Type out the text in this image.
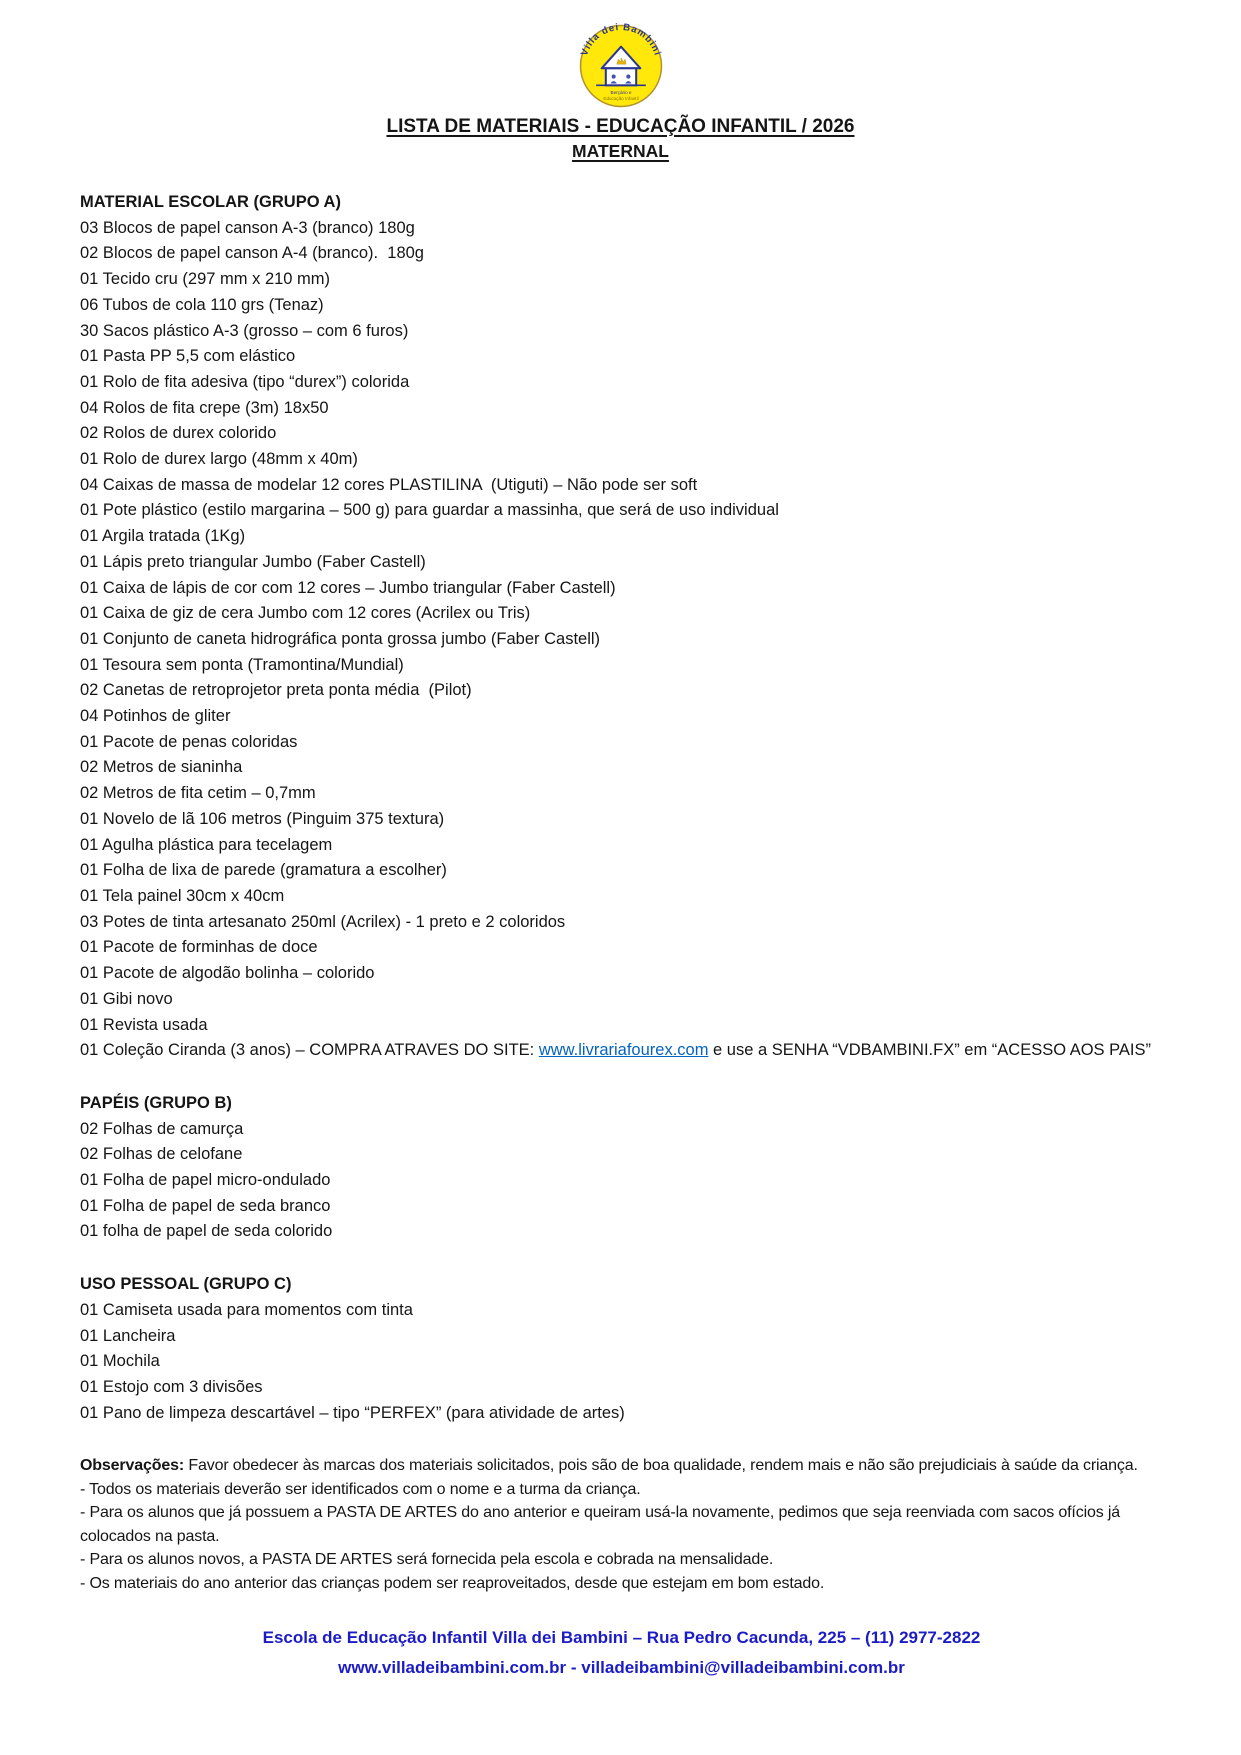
Villa dei Bambini
Berçário e
Educação Infantil
LISTA DE MATERIAIS - EDUCAÇÃO INFANTIL / 2026
MATERNAL
MATERIAL ESCOLAR (GRUPO A)
03 Blocos de papel canson A-3 (branco) 180g
02 Blocos de papel canson A-4 (branco).  180g
01 Tecido cru (297 mm x 210 mm)
06 Tubos de cola 110 grs (Tenaz)
30 Sacos plástico A-3 (grosso – com 6 furos)
01 Pasta PP 5,5 com elástico
01 Rolo de fita adesiva (tipo “durex”) colorida
04 Rolos de fita crepe (3m) 18x50
02 Rolos de durex colorido
01 Rolo de durex largo (48mm x 40m)
04 Caixas de massa de modelar 12 cores PLASTILINA  (Utiguti) – Não pode ser soft
01 Pote plástico (estilo margarina – 500 g) para guardar a massinha, que será de uso individual
01 Argila tratada (1Kg)
01 Lápis preto triangular Jumbo (Faber Castell)
01 Caixa de lápis de cor com 12 cores – Jumbo triangular (Faber Castell)
01 Caixa de giz de cera Jumbo com 12 cores (Acrilex ou Tris)
01 Conjunto de caneta hidrográfica ponta grossa jumbo (Faber Castell)
01 Tesoura sem ponta (Tramontina/Mundial)
02 Canetas de retroprojetor preta ponta média  (Pilot)
04 Potinhos de gliter
01 Pacote de penas coloridas
02 Metros de sianinha
02 Metros de fita cetim – 0,7mm
01 Novelo de lã 106 metros (Pinguim 375 textura)
01 Agulha plástica para tecelagem
01 Folha de lixa de parede (gramatura a escolher)
01 Tela painel 30cm x 40cm
03 Potes de tinta artesanato 250ml (Acrilex) - 1 preto e 2 coloridos
01 Pacote de forminhas de doce
01 Pacote de algodão bolinha – colorido
01 Gibi novo
01 Revista usada
01 Coleção Ciranda (3 anos) – COMPRA ATRAVES DO SITE: www.livrariafourex.com e use a SENHA “VDBAMBINI.FX” em “ACESSO AOS PAIS”
PAPÉIS (GRUPO B)
02 Folhas de camurça
02 Folhas de celofane
01 Folha de papel micro-ondulado
01 Folha de papel de seda branco
01 folha de papel de seda colorido
USO PESSOAL (GRUPO C)
01 Camiseta usada para momentos com tinta
01 Lancheira
01 Mochila
01 Estojo com 3 divisões
01 Pano de limpeza descartável – tipo “PERFEX” (para atividade de artes)
Observações: Favor obedecer às marcas dos materiais solicitados, pois são de boa qualidade, rendem mais e não são prejudiciais à saúde da criança.
- Todos os materiais deverão ser identificados com o nome e a turma da criança.
- Para os alunos que já possuem a PASTA DE ARTES do ano anterior e queiram usá-la novamente, pedimos que seja reenviada com sacos ofícios já colocados na pasta.
- Para os alunos novos, a PASTA DE ARTES será fornecida pela escola e cobrada na mensalidade.
- Os materiais do ano anterior das crianças podem ser reaproveitados, desde que estejam em bom estado.
Escola de Educação Infantil Villa dei Bambini – Rua Pedro Cacunda, 225 – (11) 2977-2822
www.villadeibambini.com.br - villadeibambini@villadeibambini.com.br
